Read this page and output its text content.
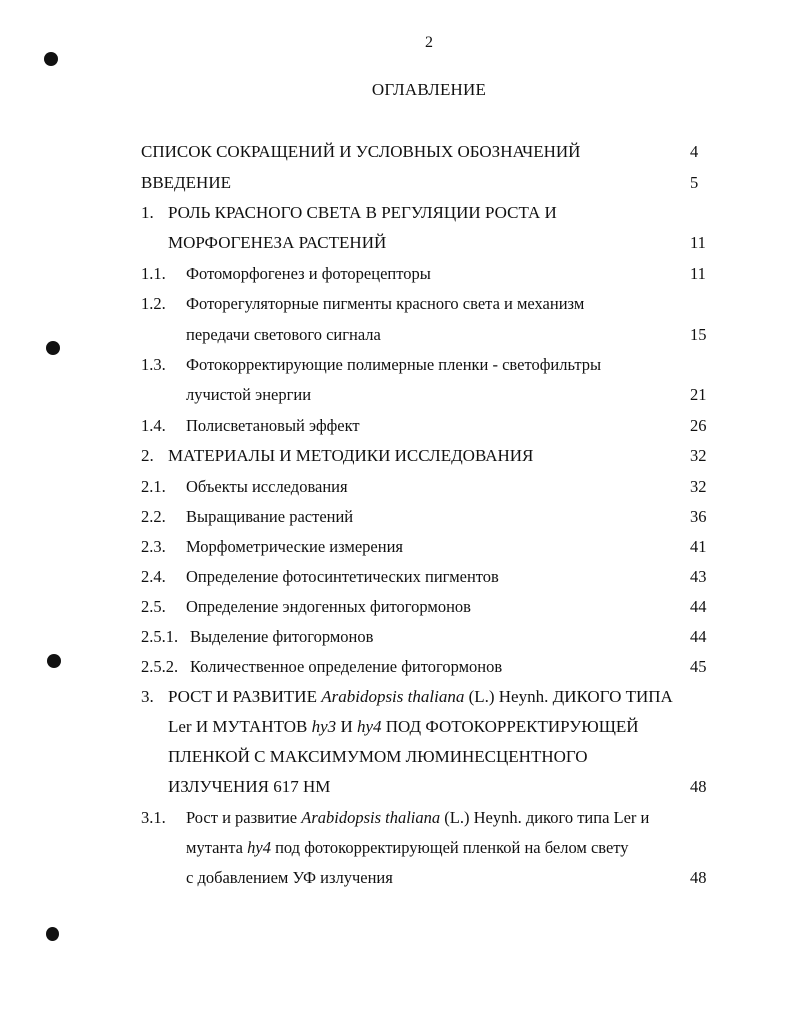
2
ОГЛАВЛЕНИЕ
СПИСОК СОКРАЩЕНИЙ И УСЛОВНЫХ ОБОЗНАЧЕНИЙ	4
ВВЕДЕНИЕ	5
1. РОЛЬ КРАСНОГО СВЕТА В РЕГУЛЯЦИИ РОСТА И
МОРФОГЕНЕЗА РАСТЕНИЙ	11
1.1. Фотоморфогенез и фоторецепторы	11
1.2. Фоторегуляторные пигменты красного света и механизм
передачи светового сигнала	15
1.3. Фотокорректирующие полимерные пленки - светофильтры
лучистой энергии	21
1.4. Полисветановый эффект	26
2. МАТЕРИАЛЫ И МЕТОДИКИ ИССЛЕДОВАНИЯ	32
2.1. Объекты исследования	32
2.2. Выращивание растений	36
2.3. Морфометрические измерения	41
2.4. Определение фотосинтетических пигментов	43
2.5. Определение эндогенных фитогормонов	44
2.5.1. Выделение фитогормонов	44
2.5.2. Количественное определение фитогормонов	45
3. РОСТ И РАЗВИТИЕ Arabidopsis thaliana (L.) Heynh. ДИКОГО ТИПА
Ler И МУТАНТОВ hy3 И hy4 ПОД ФОТОКОРРЕКТИРУЮЩЕЙ
ПЛЕНКОЙ С МАКСИМУМОМ ЛЮМИНЕСЦЕНТНОГО
ИЗЛУЧЕНИЯ 617 НМ	48
3.1. Рост и развитие Arabidopsis thaliana (L.) Heynh. дикого типа Ler и
мутанта hy4 под фотокорректирующей пленкой на белом свету
с добавлением УФ излучения	48
